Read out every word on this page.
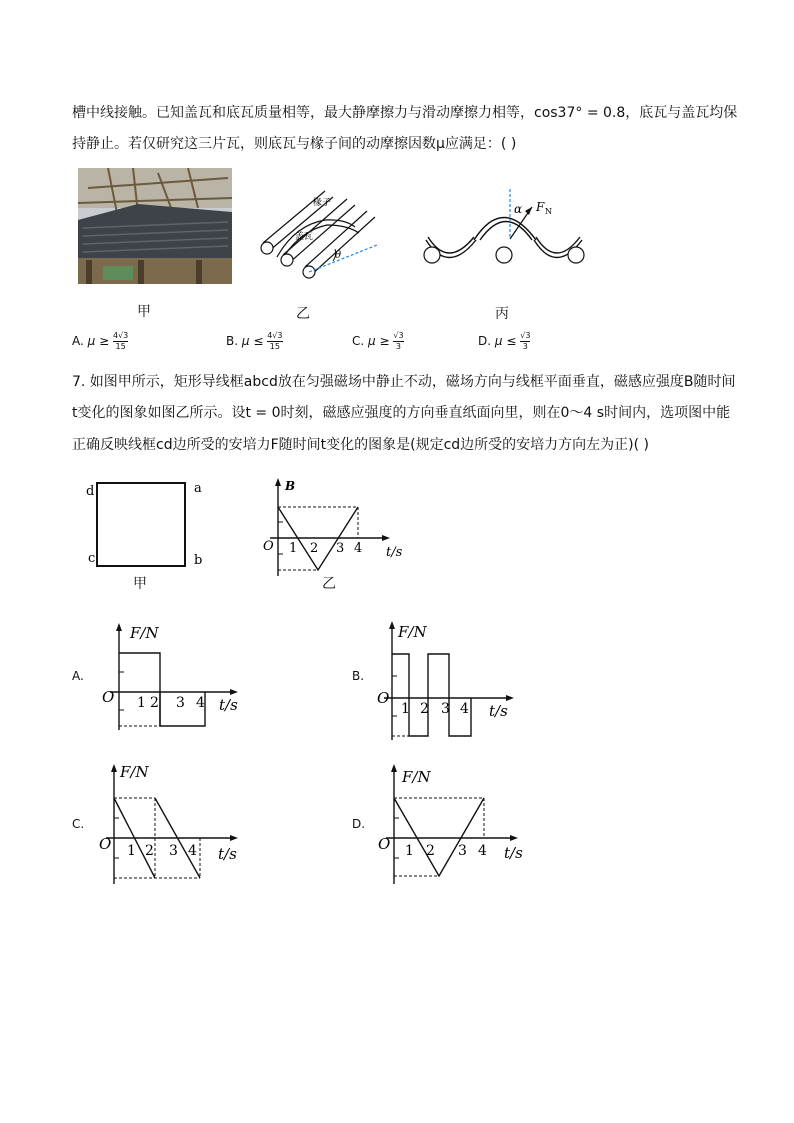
槽中线接触。已知盖瓦和底瓦质量相等，最大静摩擦力与滑动摩擦力相等，cos37° = 0.8，底瓦与盖瓦均保
持静止。若仅研究这三片瓦，则底瓦与椽子间的动摩擦因数μ应满足：( )
椽子
盖瓦
θ
α F N
甲	乙	丙
A. $\mu \ge \frac{4√3}{15}$	B. $\mu \le \frac{4√3}{15}$	C. $\mu \ge \frac{√3}{3}$	D. $\mu \le \frac{√3}{3}$
7. 如图甲所示，矩形导线框abcd放在匀强磁场中静止不动，磁场方向与线框平面垂直，磁感应强度B随时间
t变化的图象如图乙所示。设t = 0时刻，磁感应强度的方向垂直纸面向里，则在0～4 s时间内，选项图中能
正确反映线框cd边所受的安培力F随时间t变化的图象是(规定cd边所受的安培力方向左为正)( )
d	a
c	b
甲
B
O 1 2 3 4 t/s
乙
A.
F/N
O 1 2 3 4 t/s
B.
F/N
O
1 2 3 4 t/s
C.
F/N
O 1 2 3 4 t/s
D.
F/N
O 1 2 3 4 t/s
